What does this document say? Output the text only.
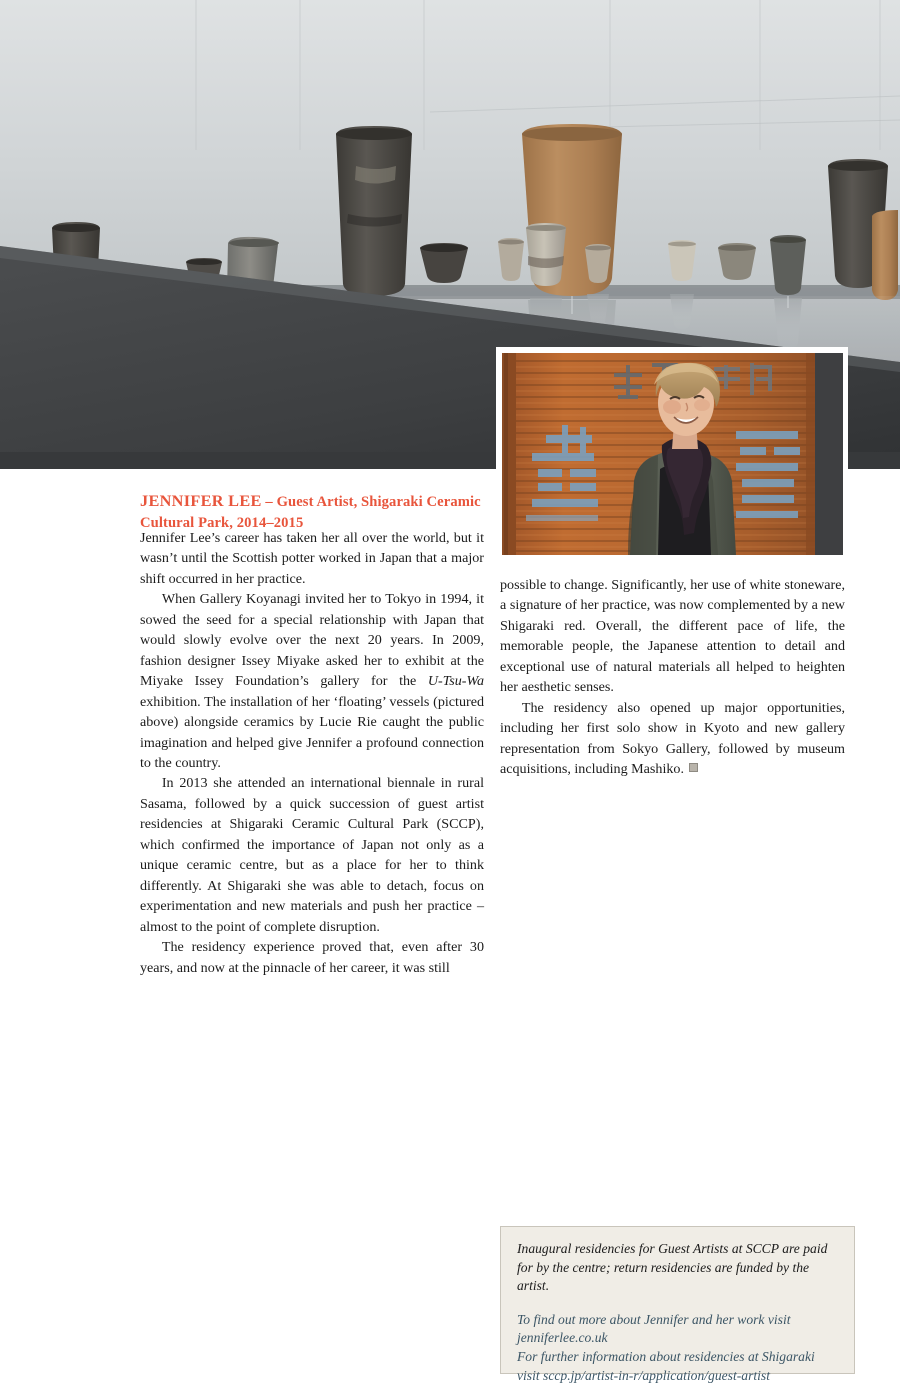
JENNIFER LEE – Guest Artist, Shigaraki Ceramic Cultural Park, 2014–2015

Jennifer Lee’s career has taken her all over the world, but it wasn’t until the Scottish potter worked in Japan that a major shift occurred in her practice.

When Gallery Koyanagi invited her to Tokyo in 1994, it sowed the seed for a special relationship with Japan that would slowly evolve over the next 20 years. In 2009, fashion designer Issey Miyake asked her to exhibit at the Miyake Issey Foundation’s gallery for the U-Tsu-Wa exhibition. The installation of her ‘floating’ vessels (pictured above) alongside ceramics by Lucie Rie caught the public imagination and helped give Jennifer a profound connection to the country.

In 2013 she attended an international biennale in rural Sasama, followed by a quick succession of guest artist residencies at Shigaraki Ceramic Cultural Park (SCCP), which confirmed the importance of Japan not only as a unique ceramic centre, but as a place for her to think differently. At Shigaraki she was able to detach, focus on experimentation and new materials and push her practice – almost to the point of complete disruption.

The residency experience proved that, even after 30 years, and now at the pinnacle of her career, it was still

possible to change. Significantly, her use of white stoneware, a signature of her practice, was now complemented by a new Shigaraki red. Overall, the different pace of life, the memorable people, the Japanese attention to detail and exceptional use of natural materials all helped to heighten her aesthetic senses.

The residency also opened up major opportunities, including her first solo show in Kyoto and new gallery representation from Sokyo Gallery, followed by museum acquisitions, including Mashiko.

Inaugural residencies for Guest Artists at SCCP are paid for by the centre; return residencies are funded by the artist.

To find out more about Jennifer and her work visit jenniferlee.co.uk

For further information about residencies at Shigaraki visit sccp.jp/artist-in-r/application/guest-artist
